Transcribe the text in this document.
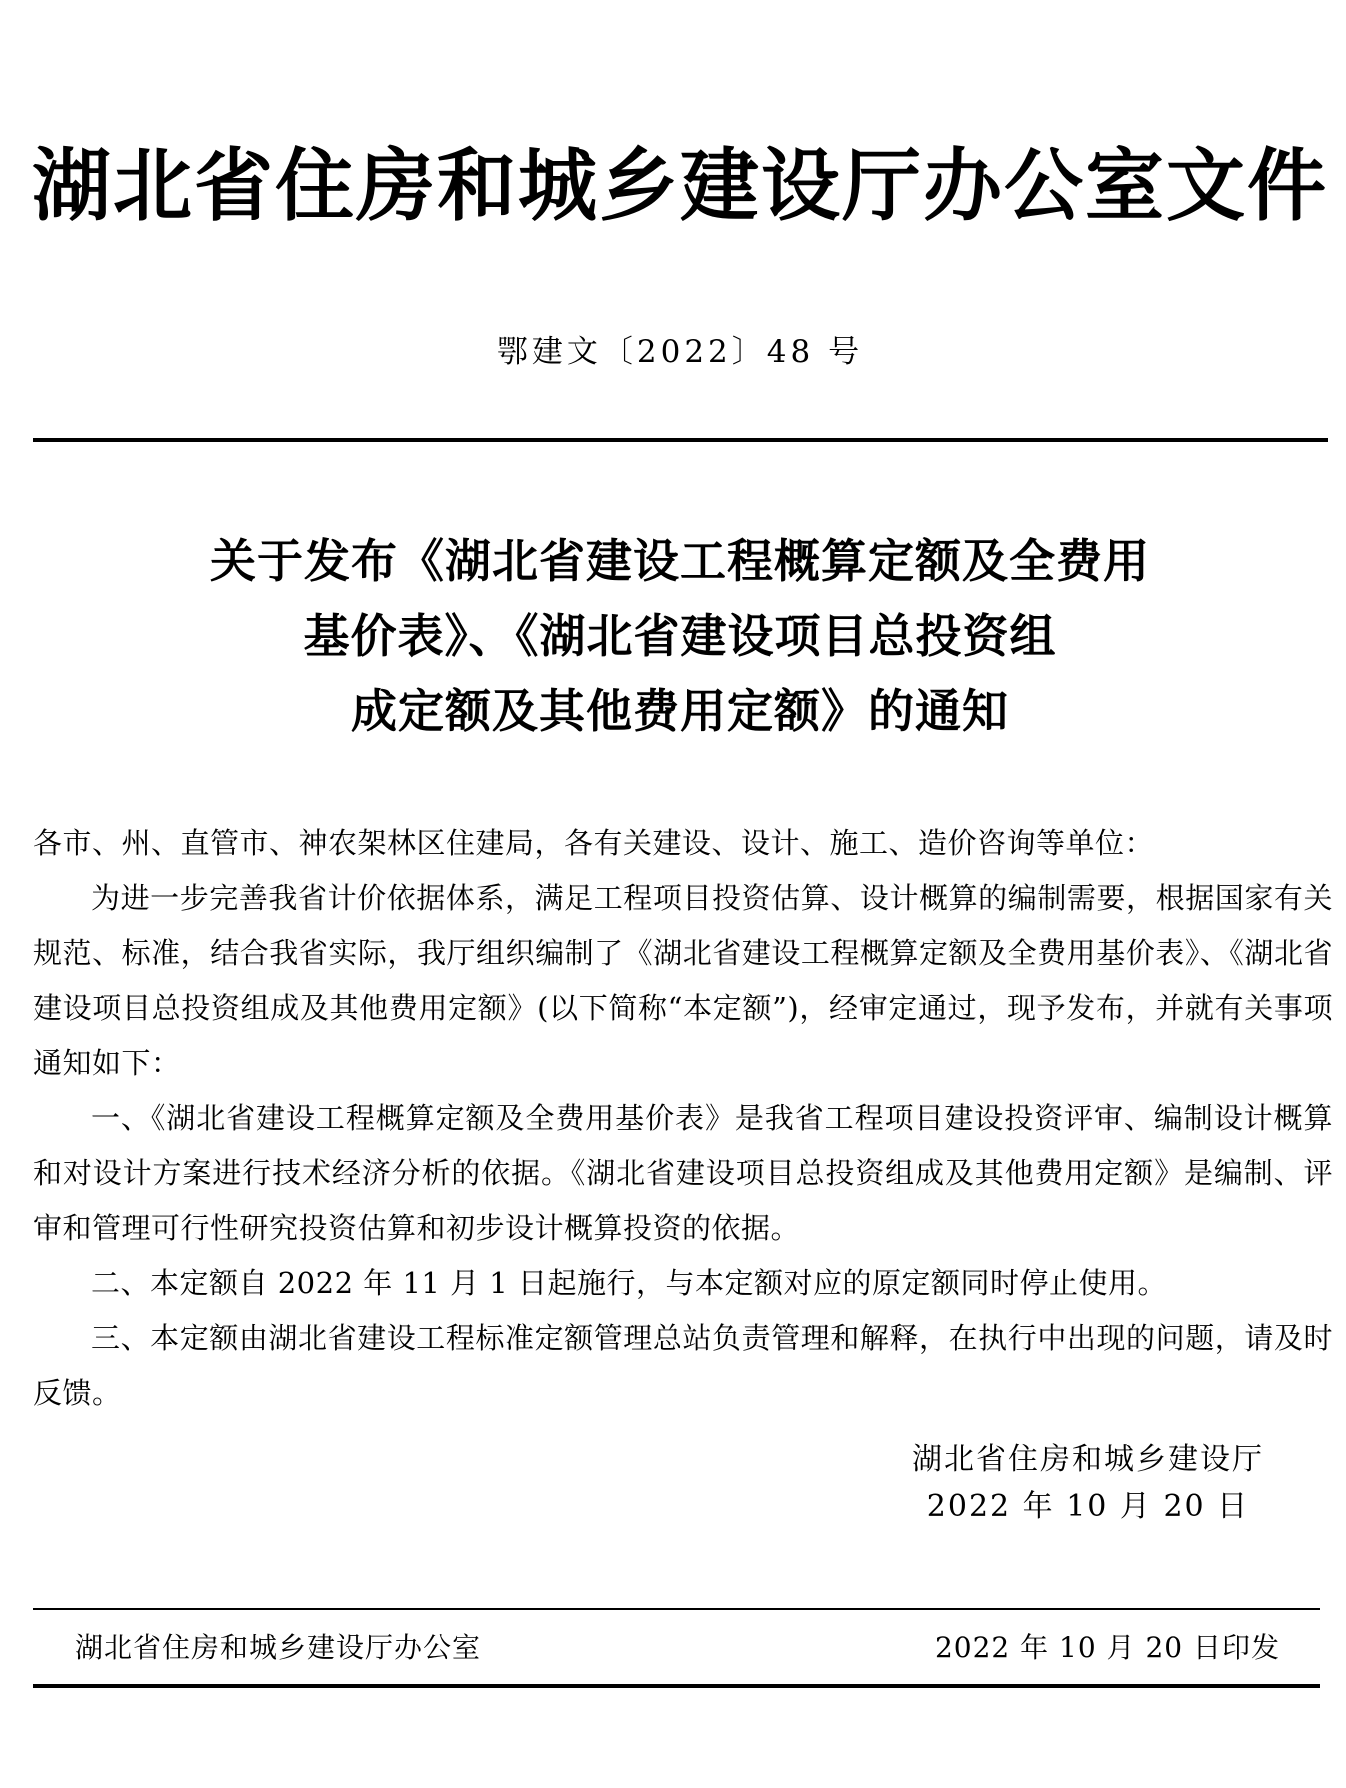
湖北省住房和城乡建设厅办公室文件
鄂建文〔2022〕48 号
关于发布《湖北省建设工程概算定额及全费用
基价表》、《湖北省建设项目总投资组
成定额及其他费用定额》的通知

各市、州、直管市、神农架林区住建局，各有关建设、设计、施工、造价咨询等单位：

为进一步完善我省计价依据体系，满足工程项目投资估算、设计概算的编制需要，根据国家有关规范、标准，结合我省实际，我厅组织编制了《湖北省建设工程概算定额及全费用基价表》、《湖北省建设项目总投资组成及其他费用定额》(以下简称“本定额”)，经审定通过，现予发布，并就有关事项通知如下：

一、《湖北省建设工程概算定额及全费用基价表》是我省工程项目建设投资评审、编制设计概算和对设计方案进行技术经济分析的依据。《湖北省建设项目总投资组成及其他费用定额》是编制、评审和管理可行性研究投资估算和初步设计概算投资的依据。

二、本定额自 2022 年 11 月 1 日起施行，与本定额对应的原定额同时停止使用。

三、本定额由湖北省建设工程标准定额管理总站负责管理和解释，在执行中出现的问题，请及时反馈。

湖北省住房和城乡建设厅
2022 年 10 月 20 日
湖北省住房和城乡建设厅办公室	2022 年 10 月 20 日印发
